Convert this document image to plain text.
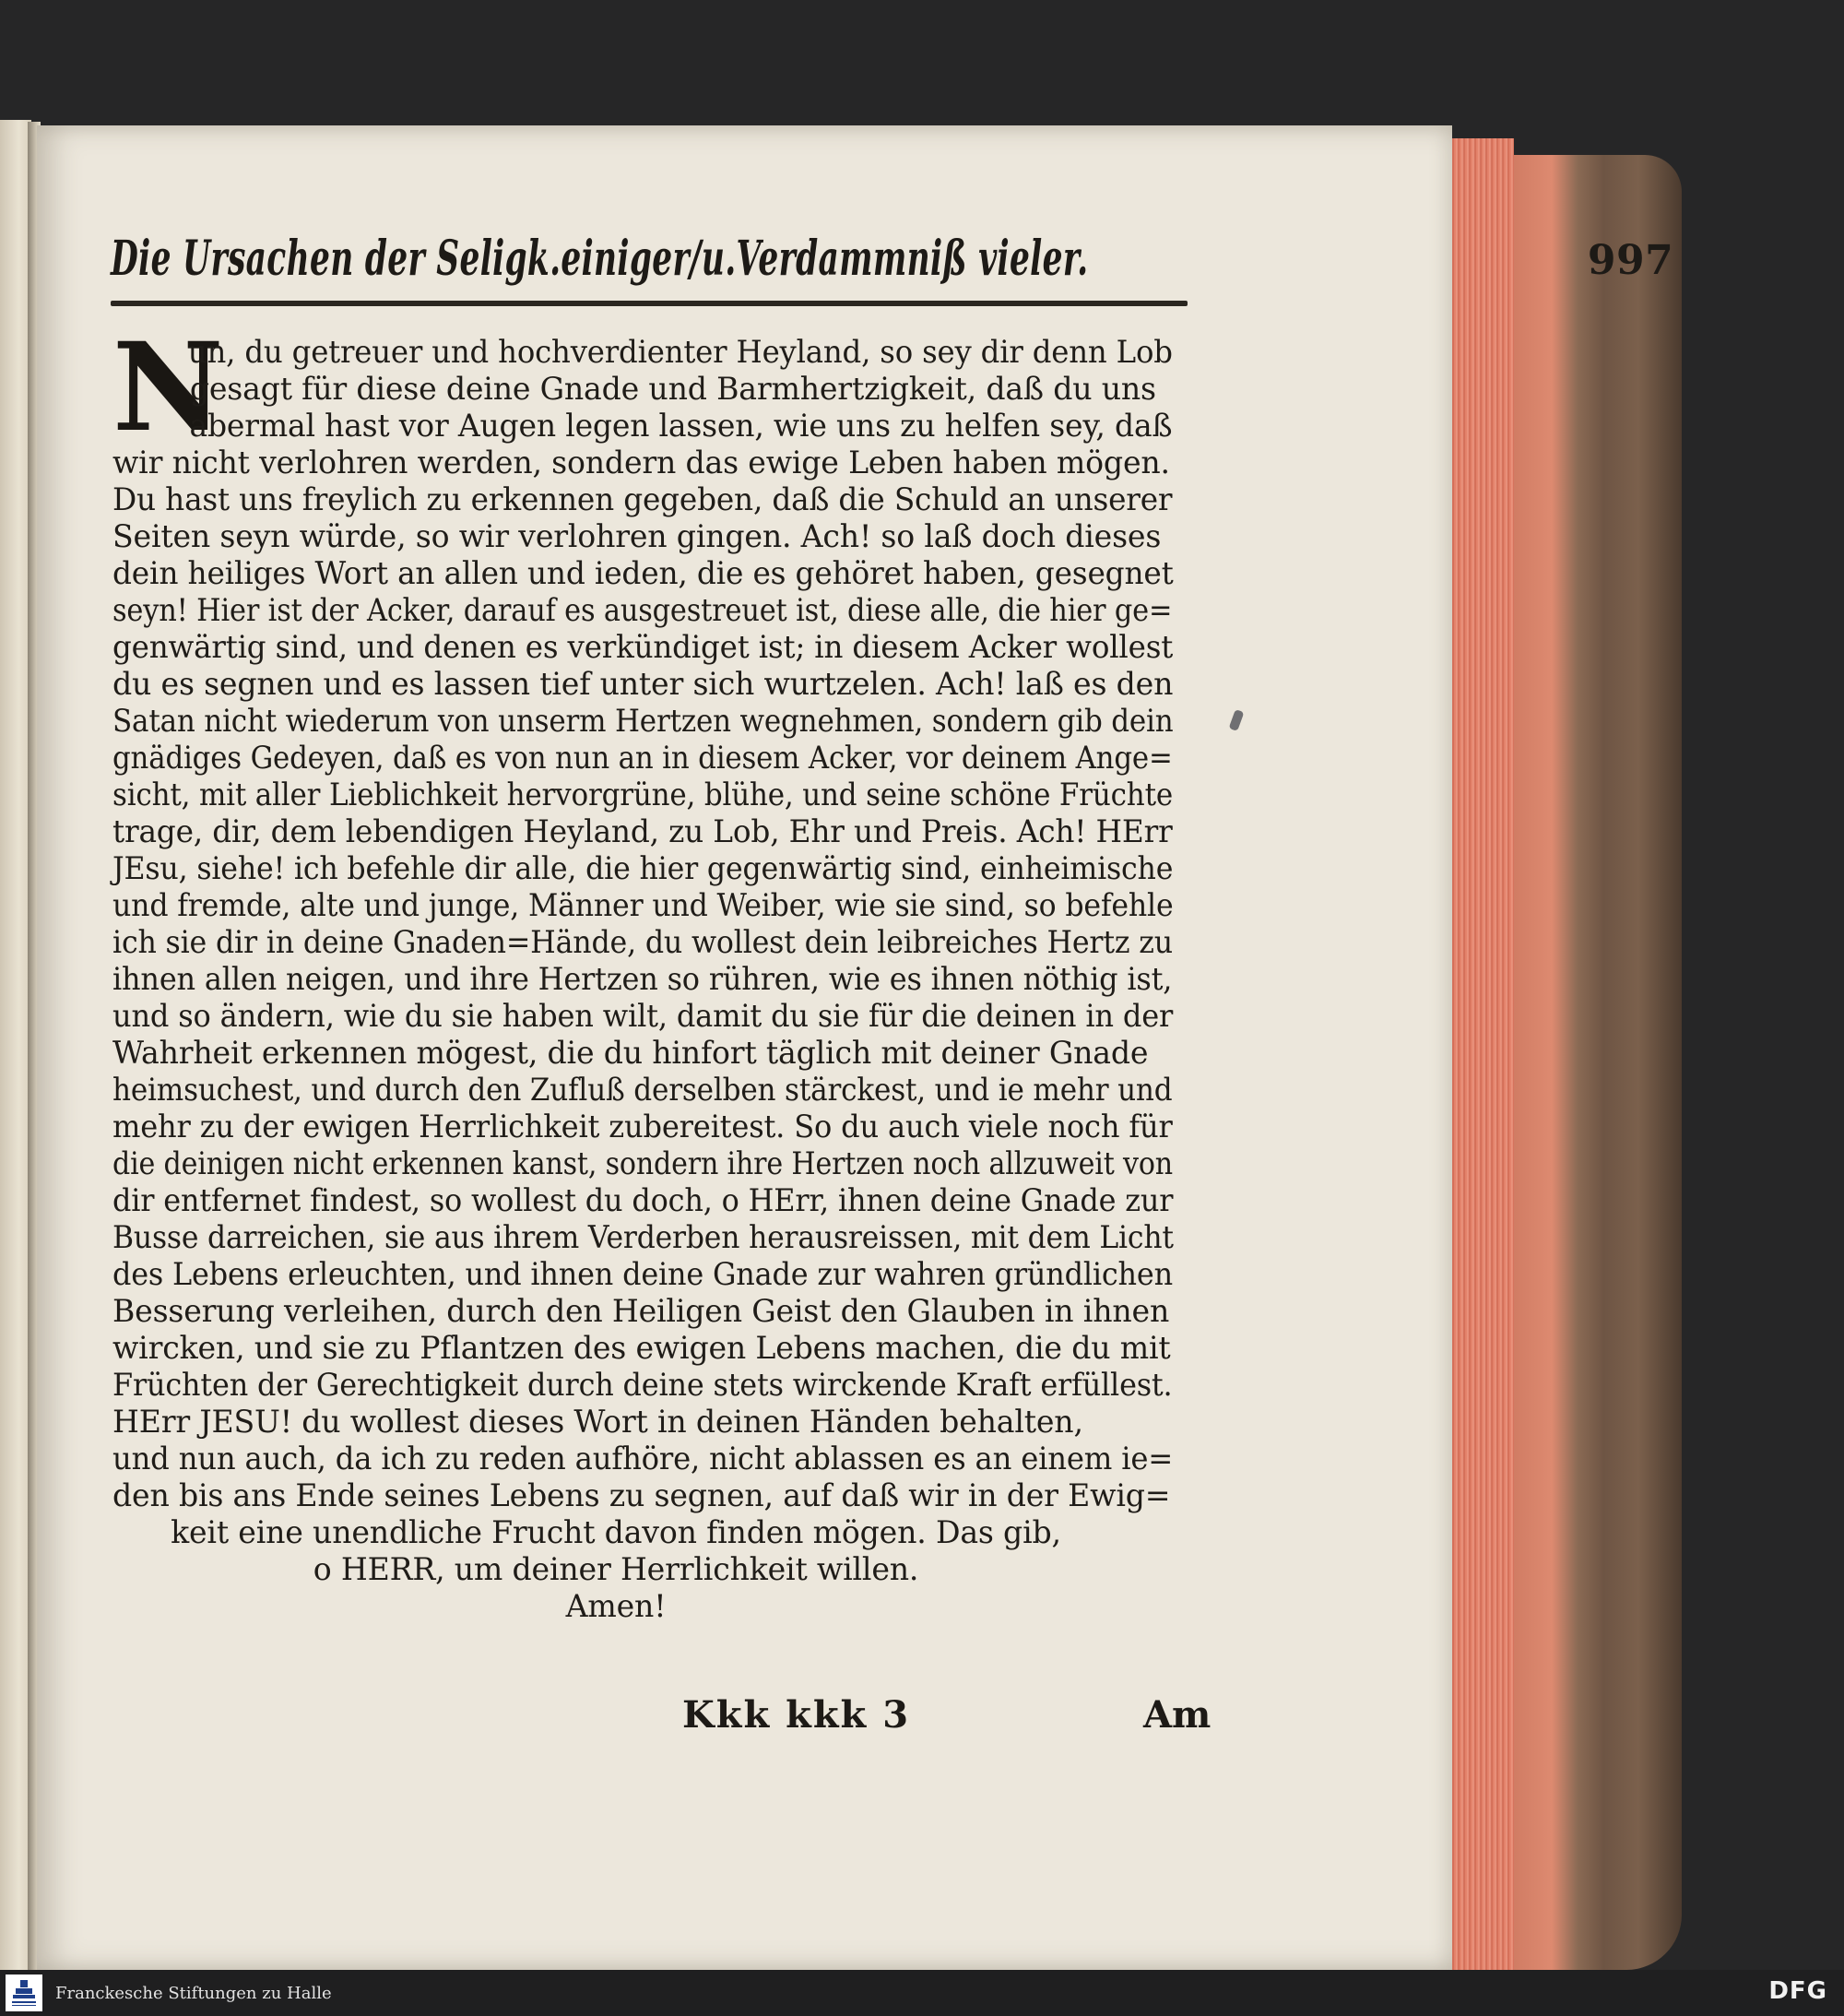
Die Ursachen der Seligk.einiger/u.Verdammniß vieler.	997
N
un, du getreuer und hochverdienter Heyland, so sey dir denn Lob
gesagt für diese deine Gnade und Barmhertzigkeit, daß du uns
abermal hast vor Augen legen lassen, wie uns zu helfen sey, daß
wir nicht verlohren werden, sondern das ewige Leben haben mögen.
Du hast uns freylich zu erkennen gegeben, daß die Schuld an unserer
Seiten seyn würde, so wir verlohren gingen. Ach! so laß doch dieses
dein heiliges Wort an allen und ieden, die es gehöret haben, gesegnet
seyn! Hier ist der Acker, darauf es ausgestreuet ist, diese alle, die hier ge=
genwärtig sind, und denen es verkündiget ist; in diesem Acker wollest
du es segnen und es lassen tief unter sich wurtzelen. Ach! laß es den
Satan nicht wiederum von unserm Hertzen wegnehmen, sondern gib dein
gnädiges Gedeyen, daß es von nun an in diesem Acker, vor deinem Ange=
sicht, mit aller Lieblichkeit hervorgrüne, blühe, und seine schöne Früchte
trage, dir, dem lebendigen Heyland, zu Lob, Ehr und Preis. Ach! HErr
JEsu, siehe! ich befehle dir alle, die hier gegenwärtig sind, einheimische
und fremde, alte und junge, Männer und Weiber, wie sie sind, so befehle
ich sie dir in deine Gnaden=Hände, du wollest dein leibreiches Hertz zu
ihnen allen neigen, und ihre Hertzen so rühren, wie es ihnen nöthig ist,
und so ändern, wie du sie haben wilt, damit du sie für die deinen in der
Wahrheit erkennen mögest, die du hinfort täglich mit deiner Gnade
heimsuchest, und durch den Zufluß derselben stärckest, und ie mehr und
mehr zu der ewigen Herrlichkeit zubereitest. So du auch viele noch für
die deinigen nicht erkennen kanst, sondern ihre Hertzen noch allzuweit von
dir entfernet findest, so wollest du doch, o HErr, ihnen deine Gnade zur
Busse darreichen, sie aus ihrem Verderben herausreissen, mit dem Licht
des Lebens erleuchten, und ihnen deine Gnade zur wahren gründlichen
Besserung verleihen, durch den Heiligen Geist den Glauben in ihnen
wircken, und sie zu Pflantzen des ewigen Lebens machen, die du mit
Früchten der Gerechtigkeit durch deine stets wirckende Kraft erfüllest.
HErr JESU! du wollest dieses Wort in deinen Händen behalten,
und nun auch, da ich zu reden aufhöre, nicht ablassen es an einem ie=
den bis ans Ende seines Lebens zu segnen, auf daß wir in der Ewig=
keit eine unendliche Frucht davon finden mögen. Das gib,
o HERR, um deiner Herrlichkeit willen.
Amen!
Kkk kkk 3	Am
Franckesche Stiftungen zu Halle	DFG
